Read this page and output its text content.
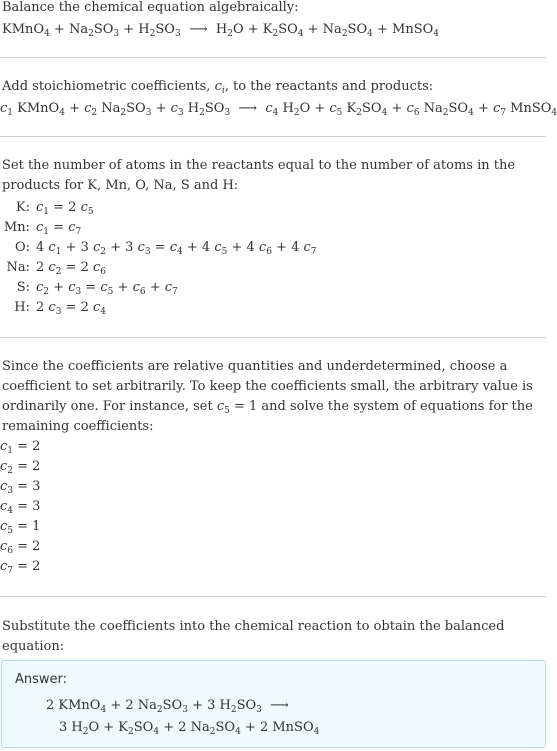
Balance the chemical equation algebraically:
KMnO$_4$ + $Na_2SO_3 + H_2SO_3$  ⟶  $H_2O + K_2SO_4 + Na_2SO_4$ + MnSO$_4$
Add stoichiometric coefficients, $c_i$, to the reactants and products:
$c_1$ KMnO$_4$ + $c_2$ $Na_2SO_3 + c_3$ $H_2SO_3$  ⟶  $c_4$ $H_2O + c_5$ $K_2SO_4 + c_6$ $Na_2SO_4 + c_7$ MnSO$_4$
Set the number of atoms in the reactants equal to the number of atoms in the
products for K, Mn, O, Na, S and H:
K: $c_1 = 2$ $c_5$
Mn: $c_1 = c_7$
O: 4 $c_1 + 3$ $c_2 + 3$ $c_3 = c_4 + 4$ $c_5 + 4$ $c_6 + 4$ $c_7$
Na: 2 $c_2 = 2$ $c_6$
S: $c_2 + c_3 = c_5 + c_6 + c_7$
H: 2 $c_3 = 2$ $c_4$
Since the coefficients are relative quantities and underdetermined, choose a
coefficient to set arbitrarily. To keep the coefficients small, the arbitrary value is
ordinarily one. For instance, set $c_5 = 1$ and solve the system of equations for the
remaining coefficients:
$c_1 = 2$
$c_2 = 2$
$c_3 = 3$
$c_4 = 3$
$c_5 = 1$
$c_6 = 2$
$c_7 = 2$
Substitute the coefficients into the chemical reaction to obtain the balanced
equation:
Answer:
2 KMnO$_4$ + 2 $Na_2SO_3 + 3$ $H_2SO_3$  ⟶
3 $H_2O + K_2SO_4 + 2$ $Na_2SO_4 + 2$ MnSO$_4$
